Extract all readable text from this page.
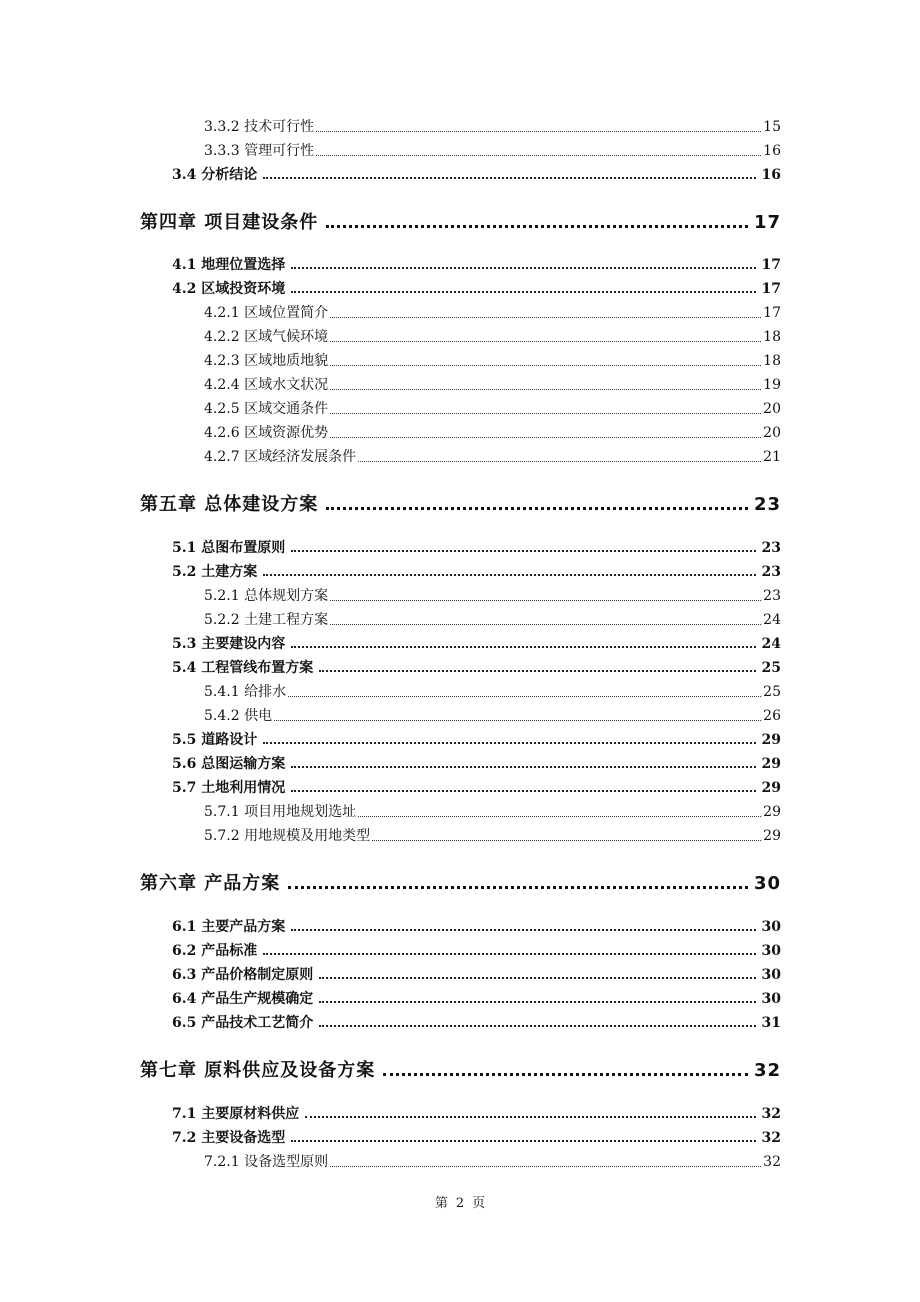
3.3.2 技术可行性	15
3.3.3 管理可行性	16
3.4 分析结论	16
第四章 项目建设条件	17
4.1 地理位置选择	17
4.2 区域投资环境	17
4.2.1 区域位置简介	17
4.2.2 区域气候环境	18
4.2.3 区域地质地貌	18
4.2.4 区域水文状况	19
4.2.5 区域交通条件	20
4.2.6 区域资源优势	20
4.2.7 区域经济发展条件	21
第五章 总体建设方案	23
5.1 总图布置原则	23
5.2 土建方案	23
5.2.1 总体规划方案	23
5.2.2 土建工程方案	24
5.3 主要建设内容	24
5.4 工程管线布置方案	25
5.4.1 给排水	25
5.4.2 供电	26
5.5 道路设计	29
5.6 总图运输方案	29
5.7 土地利用情况	29
5.7.1 项目用地规划选址	29
5.7.2 用地规模及用地类型	29
第六章 产品方案	30
6.1 主要产品方案	30
6.2 产品标准	30
6.3 产品价格制定原则	30
6.4 产品生产规模确定	30
6.5 产品技术工艺简介	31
第七章 原料供应及设备方案	32
7.1 主要原材料供应	32
7.2 主要设备选型	32
7.2.1 设备选型原则	32
第 2 页
